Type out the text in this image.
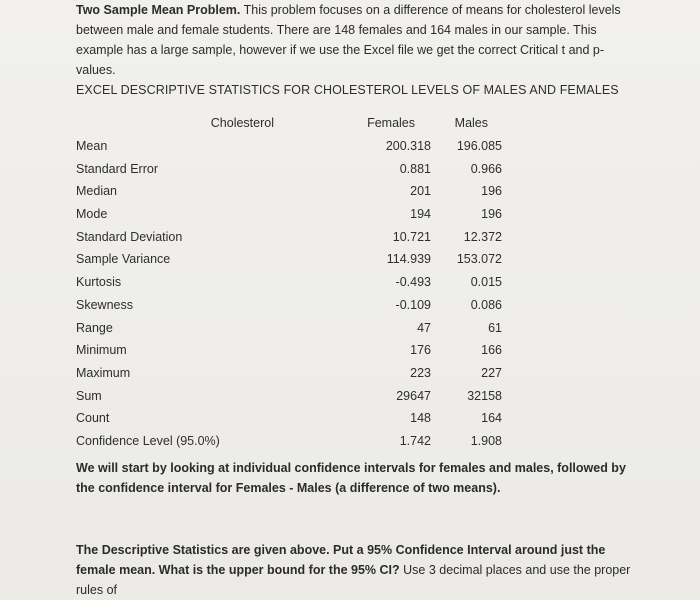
Two Sample Mean Problem. This problem focuses on a difference of means for cholesterol levels between male and female students. There are 148 females and 164 males in our sample. This example has a large sample, however if we use the Excel file we get the correct Critical t and p-values.
EXCEL DESCRIPTIVE STATISTICS FOR CHOLESTEROL LEVELS OF MALES AND FEMALES
Cholesterol	Females	Males
Mean	200.318	196.085
Standard Error	0.881	0.966
Median	201	196
Mode	194	196
Standard Deviation	10.721	12.372
Sample Variance	114.939	153.072
Kurtosis	-0.493	0.015
Skewness	-0.109	0.086
Range	47	61
Minimum	176	166
Maximum	223	227
Sum	29647	32158
Count	148	164
Confidence Level (95.0%)	1.742	1.908
We will start by looking at individual confidence intervals for females and males, followed by the confidence interval for Females - Males (a difference of two means).
The Descriptive Statistics are given above. Put a 95% Confidence Interval around just the female mean. What is the upper bound for the 95% CI? Use 3 decimal places and use the proper rules of
